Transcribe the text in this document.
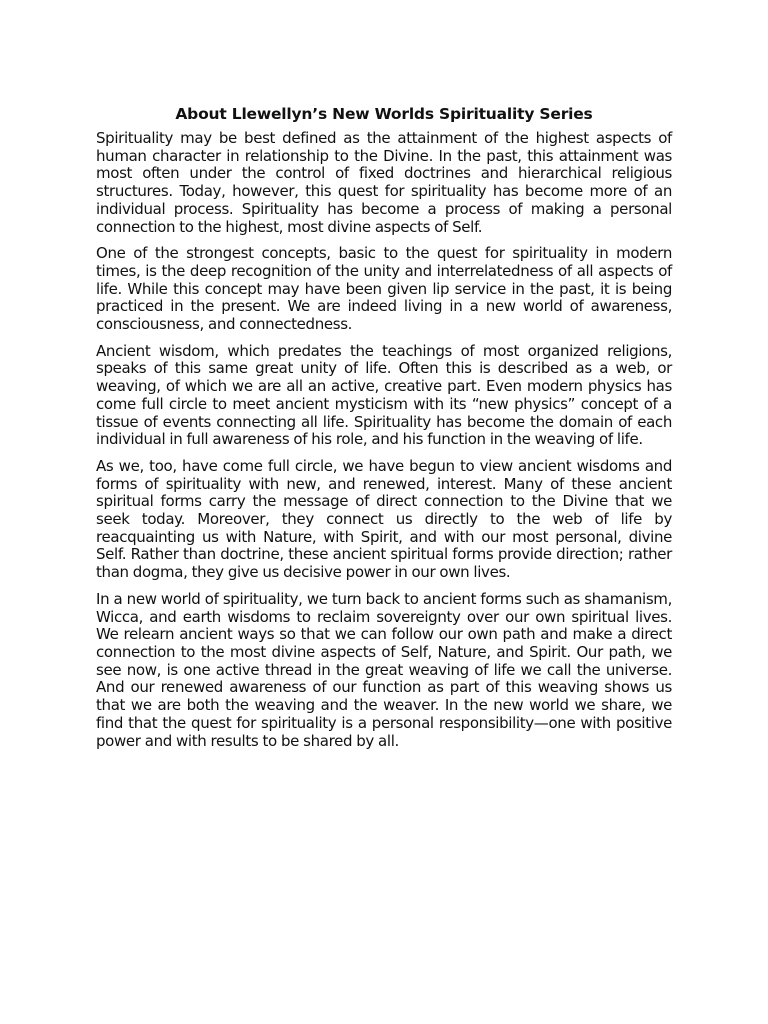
About Llewellyn’s New Worlds Spirituality Series

Spirituality may be best defined as the attainment of the highest aspects of human character in relationship to the Divine. In the past, this attainment was most often under the control of fixed doctrines and hierarchical religious structures. Today, however, this quest for spirituality has become more of an individual process. Spirituality has become a process of making a personal connection to the highest, most divine aspects of Self.

One of the strongest concepts, basic to the quest for spirituality in modern times, is the deep recognition of the unity and interrelatedness of all aspects of life. While this concept may have been given lip service in the past, it is being practiced in the present. We are indeed living in a new world of awareness, consciousness, and connectedness.

Ancient wisdom, which predates the teachings of most organized religions, speaks of this same great unity of life. Often this is described as a web, or weaving, of which we are all an active, creative part. Even modern physics has come full circle to meet ancient mysticism with its “new physics” concept of a tissue of events connecting all life. Spirituality has become the domain of each individual in full awareness of his role, and his function in the weaving of life.

As we, too, have come full circle, we have begun to view ancient wisdoms and forms of spirituality with new, and renewed, interest. Many of these ancient spiritual forms carry the message of direct connection to the Divine that we seek today. Moreover, they connect us directly to the web of life by reacquainting us with Nature, with Spirit, and with our most personal, divine Self. Rather than doctrine, these ancient spiritual forms provide direction; rather than dogma, they give us decisive power in our own lives.

In a new world of spirituality, we turn back to ancient forms such as shamanism, Wicca, and earth wisdoms to reclaim sovereignty over our own spiritual lives. We relearn ancient ways so that we can follow our own path and make a direct connection to the most divine aspects of Self, Nature, and Spirit. Our path, we see now, is one active thread in the great weaving of life we call the universe. And our renewed awareness of our function as part of this weaving shows us that we are both the weaving and the weaver. In the new world we share, we find that the quest for spirituality is a personal responsibility—one with positive power and with results to be shared by all.
